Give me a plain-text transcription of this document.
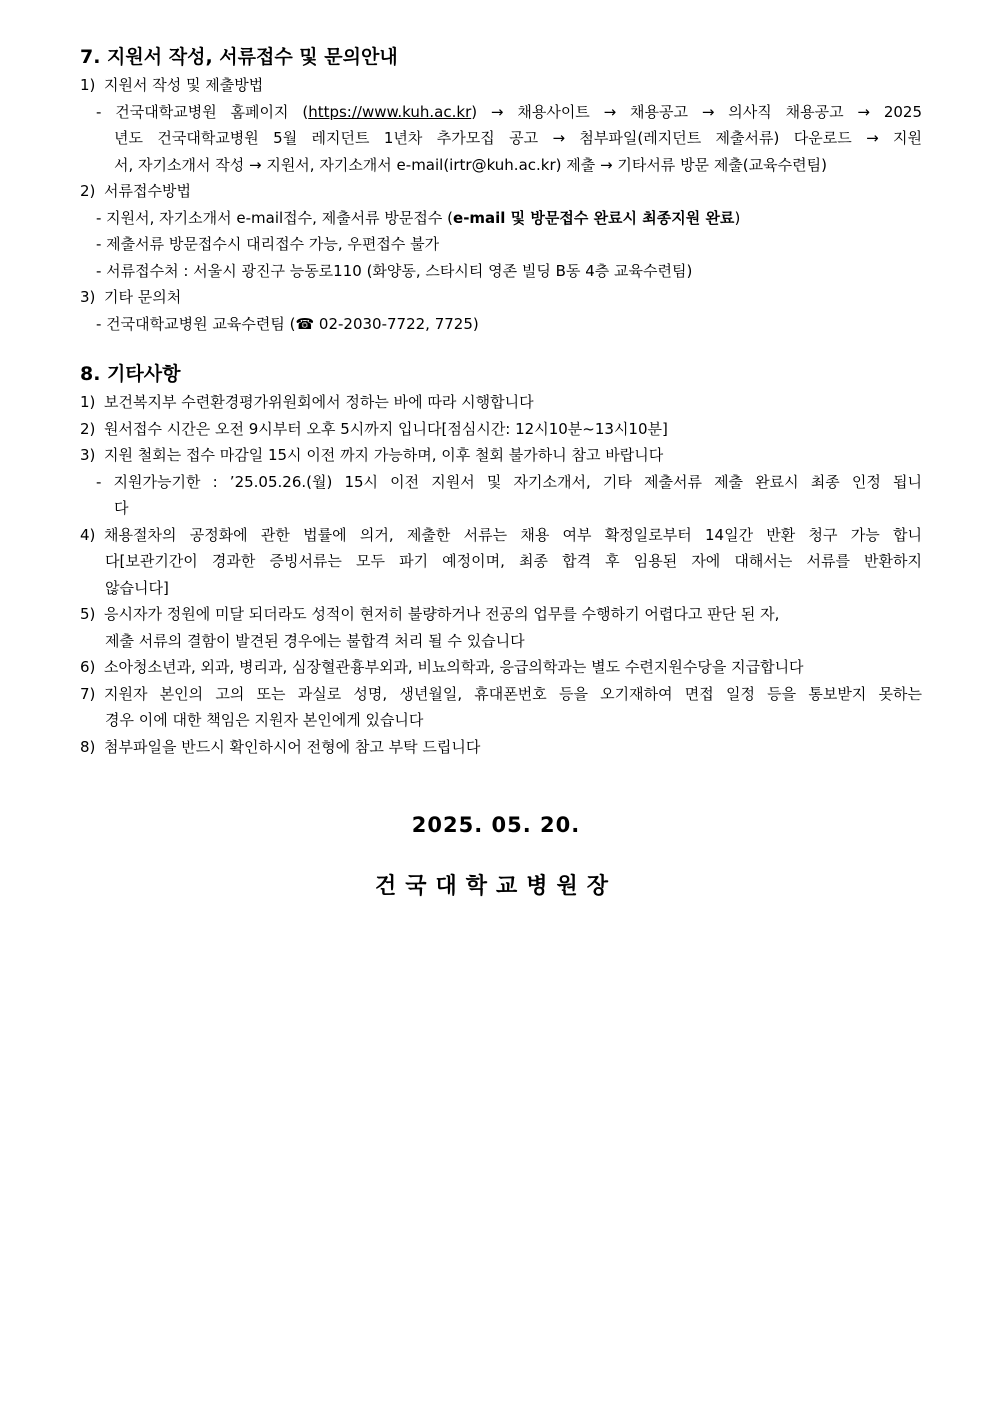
7. 지원서 작성, 서류접수 및 문의안내
1) 지원서 작성 및 제출방법
- 건국대학교병원 홈페이지 (https://www.kuh.ac.kr) → 채용사이트 → 채용공고 → 의사직 채용공고 → 2025
년도 건국대학교병원 5월 레지던트 1년차 추가모집 공고 → 첨부파일(레지던트 제출서류) 다운로드 → 지원
서, 자기소개서 작성 → 지원서, 자기소개서 e-mail(irtr@kuh.ac.kr) 제출 → 기타서류 방문 제출(교육수련팀)
2) 서류접수방법
- 지원서, 자기소개서 e-mail접수, 제출서류 방문접수 (e-mail 및 방문접수 완료시 최종지원 완료)
- 제출서류 방문접수시 대리접수 가능, 우편접수 불가
- 서류접수처 : 서울시 광진구 능동로110 (화양동, 스타시티 영존 빌딩 B동 4층 교육수련팀)
3) 기타 문의처
- 건국대학교병원 교육수련팀 (☎ 02-2030-7722, 7725)
8. 기타사항
1) 보건복지부 수련환경평가위원회에서 정하는 바에 따라 시행합니다
2) 원서접수 시간은 오전 9시부터 오후 5시까지 입니다[점심시간: 12시10분~13시10분]
3) 지원 철회는 접수 마감일 15시 이전 까지 가능하며, 이후 철회 불가하니 참고 바랍니다
- 지원가능기한 : ’25.05.26.(월) 15시 이전 지원서 및 자기소개서, 기타 제출서류 제출 완료시 최종 인정 됩니
다
4) 채용절차의 공정화에 관한 법률에 의거, 제출한 서류는 채용 여부 확정일로부터 14일간 반환 청구 가능 합니
다[보관기간이 경과한 증빙서류는 모두 파기 예정이며, 최종 합격 후 임용된 자에 대해서는 서류를 반환하지
않습니다]
5) 응시자가 정원에 미달 되더라도 성적이 현저히 불량하거나 전공의 업무를 수행하기 어렵다고 판단 된 자,
제출 서류의 결함이 발견된 경우에는 불합격 처리 될 수 있습니다
6) 소아청소년과, 외과, 병리과, 심장혈관흉부외과, 비뇨의학과, 응급의학과는 별도 수련지원수당을 지급합니다
7) 지원자 본인의 고의 또는 과실로 성명, 생년월일, 휴대폰번호 등을 오기재하여 면접 일정 등을 통보받지 못하는
경우 이에 대한 책임은 지원자 본인에게 있습니다
8) 첨부파일을 반드시 확인하시어 전형에 참고 부탁 드립니다
2025. 05. 20.
건국대학교병원장
